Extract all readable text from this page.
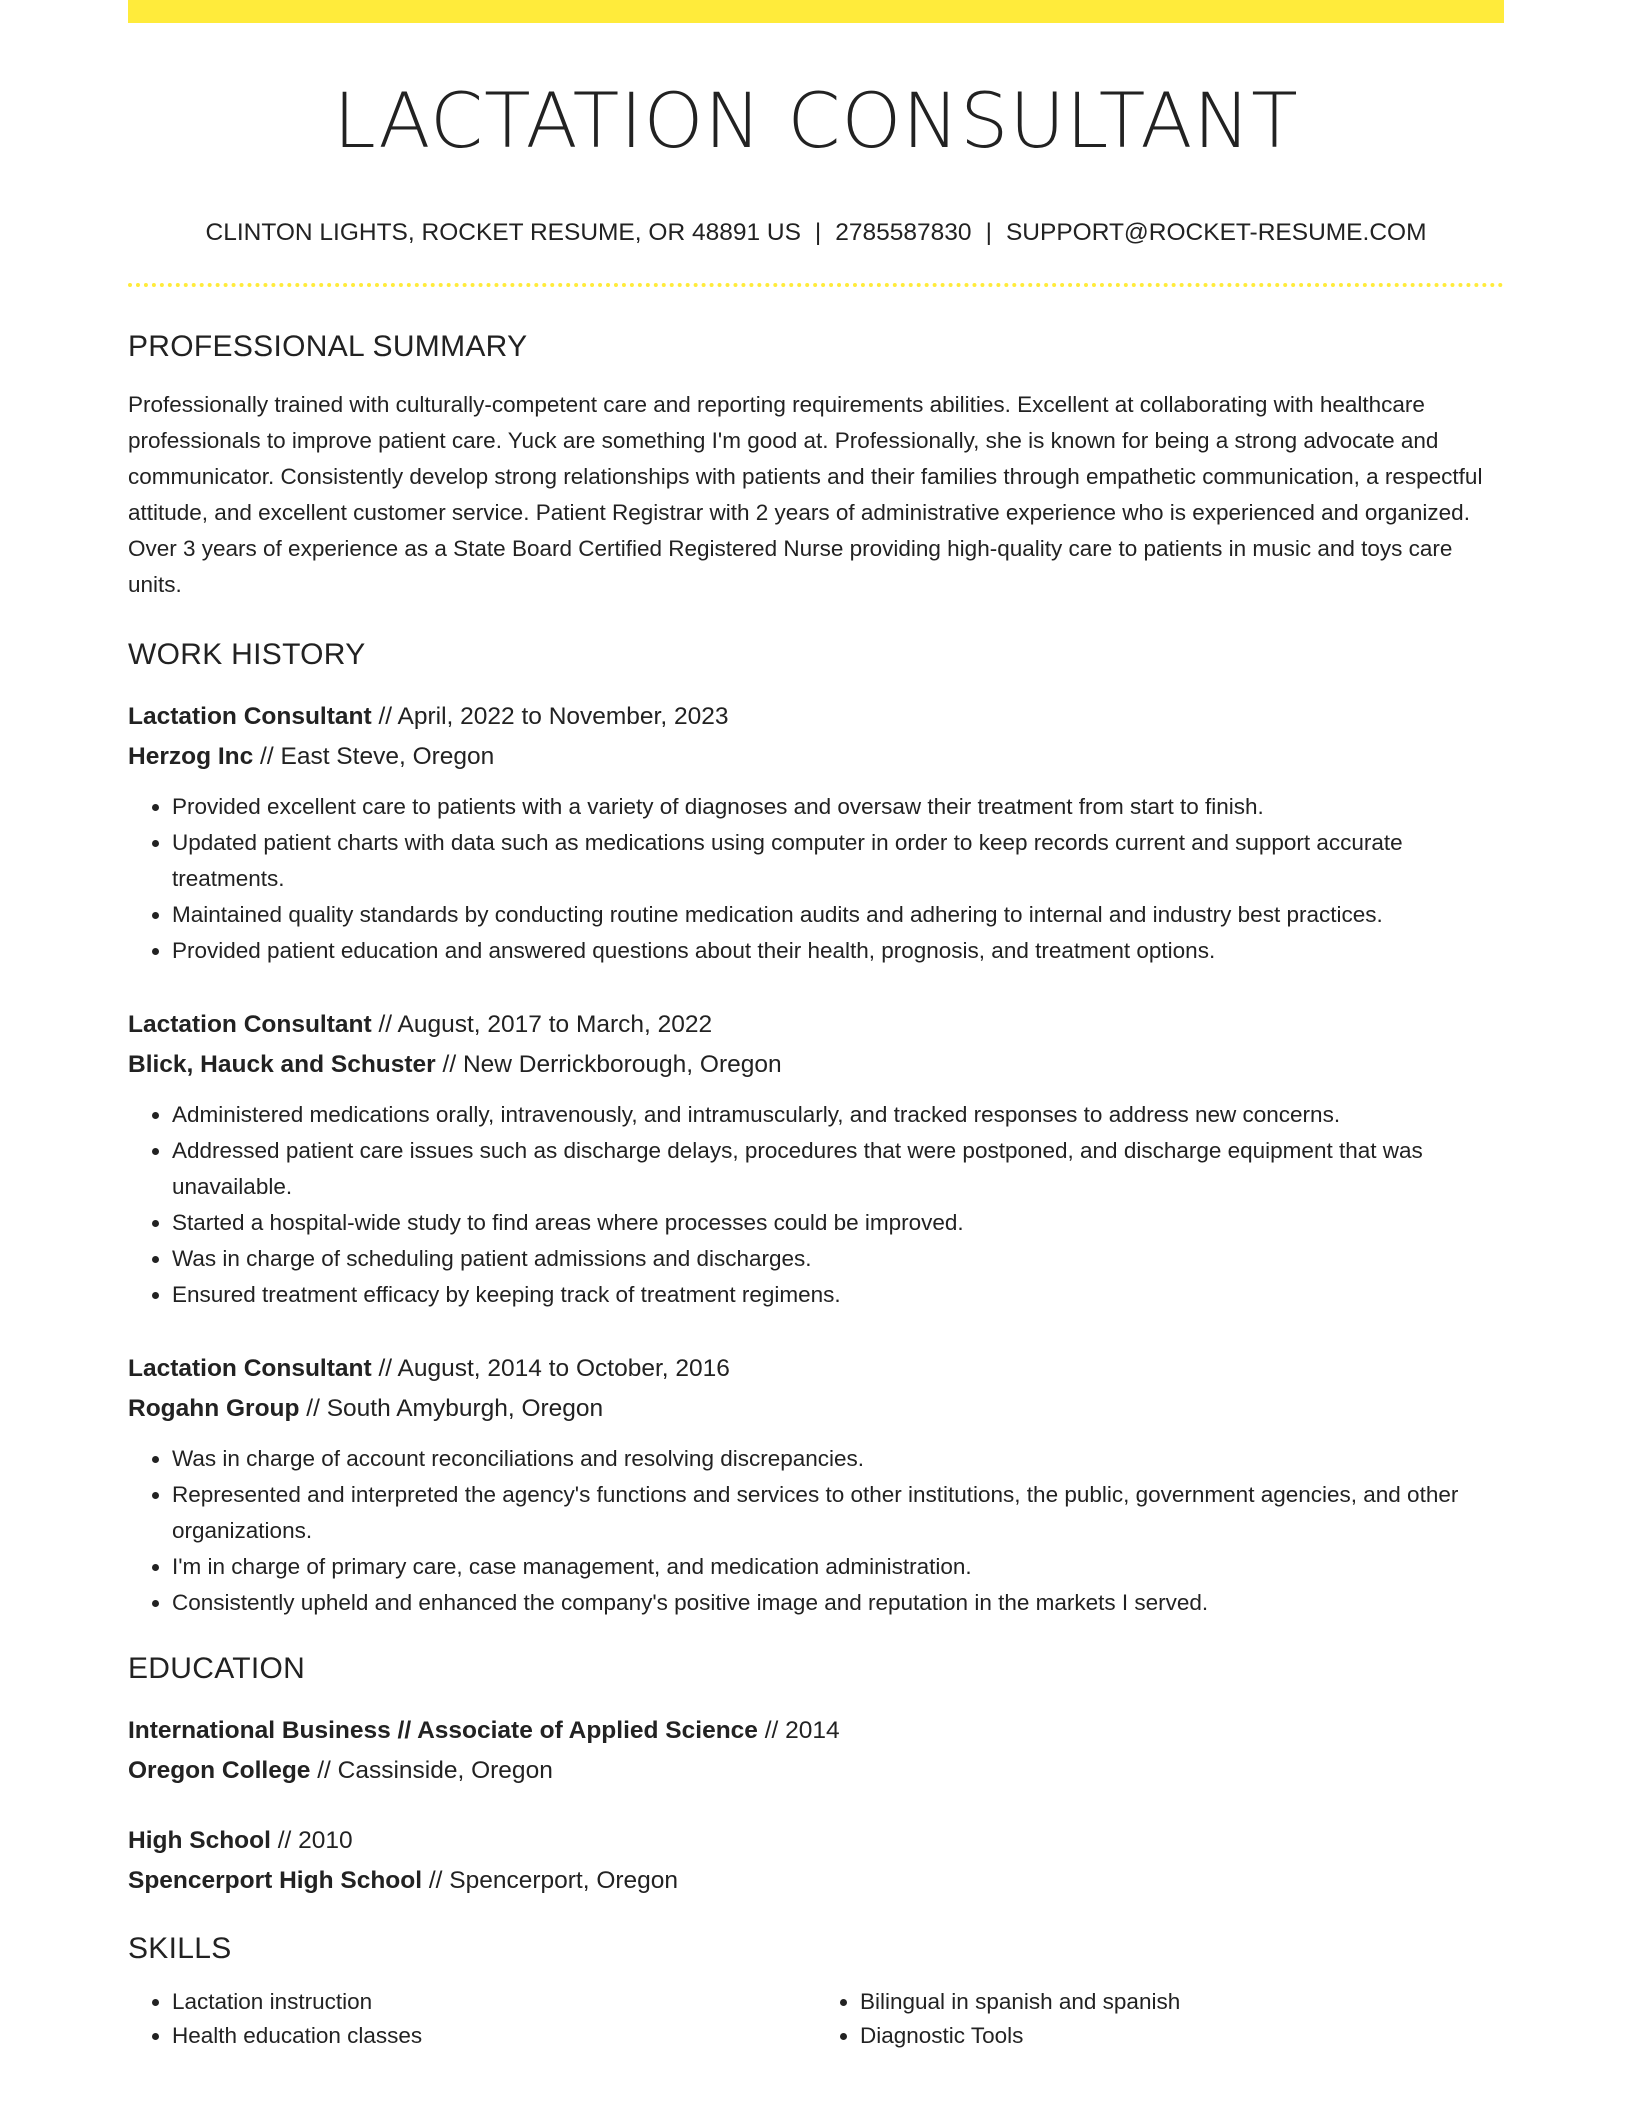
LACTATION CONSULTANT
CLINTON LIGHTS, ROCKET RESUME, OR 48891 US | 2785587830 | SUPPORT@ROCKET-RESUME.COM
PROFESSIONAL SUMMARY
Professionally trained with culturally-competent care and reporting requirements abilities. Excellent at collaborating with healthcare professionals to improve patient care. Yuck are something I'm good at. Professionally, she is known for being a strong advocate and communicator. Consistently develop strong relationships with patients and their families through empathetic communication, a respectful attitude, and excellent customer service. Patient Registrar with 2 years of administrative experience who is experienced and organized. Over 3 years of experience as a State Board Certified Registered Nurse providing high-quality care to patients in music and toys care units.
WORK HISTORY
Lactation Consultant // April, 2022 to November, 2023
Herzog Inc // East Steve, Oregon
• Provided excellent care to patients with a variety of diagnoses and oversaw their treatment from start to finish.
• Updated patient charts with data such as medications using computer in order to keep records current and support accurate treatments.
• Maintained quality standards by conducting routine medication audits and adhering to internal and industry best practices.
• Provided patient education and answered questions about their health, prognosis, and treatment options.
Lactation Consultant // August, 2017 to March, 2022
Blick, Hauck and Schuster // New Derrickborough, Oregon
• Administered medications orally, intravenously, and intramuscularly, and tracked responses to address new concerns.
• Addressed patient care issues such as discharge delays, procedures that were postponed, and discharge equipment that was unavailable.
• Started a hospital-wide study to find areas where processes could be improved.
• Was in charge of scheduling patient admissions and discharges.
• Ensured treatment efficacy by keeping track of treatment regimens.
Lactation Consultant // August, 2014 to October, 2016
Rogahn Group // South Amyburgh, Oregon
• Was in charge of account reconciliations and resolving discrepancies.
• Represented and interpreted the agency's functions and services to other institutions, the public, government agencies, and other organizations.
• I'm in charge of primary care, case management, and medication administration.
• Consistently upheld and enhanced the company's positive image and reputation in the markets I served.
EDUCATION
International Business // Associate of Applied Science // 2014
Oregon College // Cassinside, Oregon
High School // 2010
Spencerport High School // Spencerport, Oregon
SKILLS
• Lactation instruction
• Health education classes
• Bilingual in spanish and spanish
• Diagnostic Tools
